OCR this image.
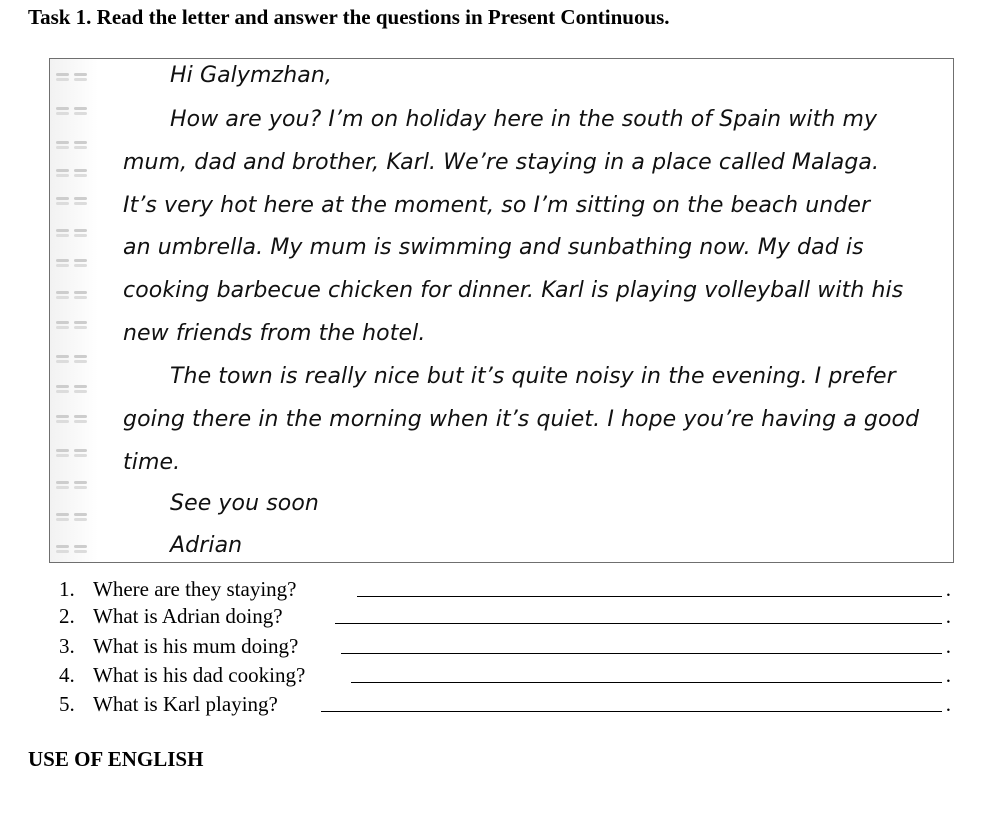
Task 1. Read the letter and answer the questions in Present Continuous.
Hi Galymzhan,
How are you? I’m on holiday here in the south of Spain with my
mum, dad and brother, Karl. We’re staying in a place called Malaga.
It’s very hot here at the moment, so I’m sitting on the beach under
an umbrella. My mum is swimming and sunbathing now. My dad is
cooking barbecue chicken for dinner. Karl is playing volleyball with his
new friends from the hotel.
The town is really nice but it’s quite noisy in the evening. I prefer
going there in the morning when it’s quiet. I hope you’re having a good
time.
See you soon
Adrian
1. Where are they staying?	.
2. What is Adrian doing?	.
3. What is his mum doing?	.
4. What is his dad cooking?	.
5. What is Karl playing?	.
USE OF ENGLISH
